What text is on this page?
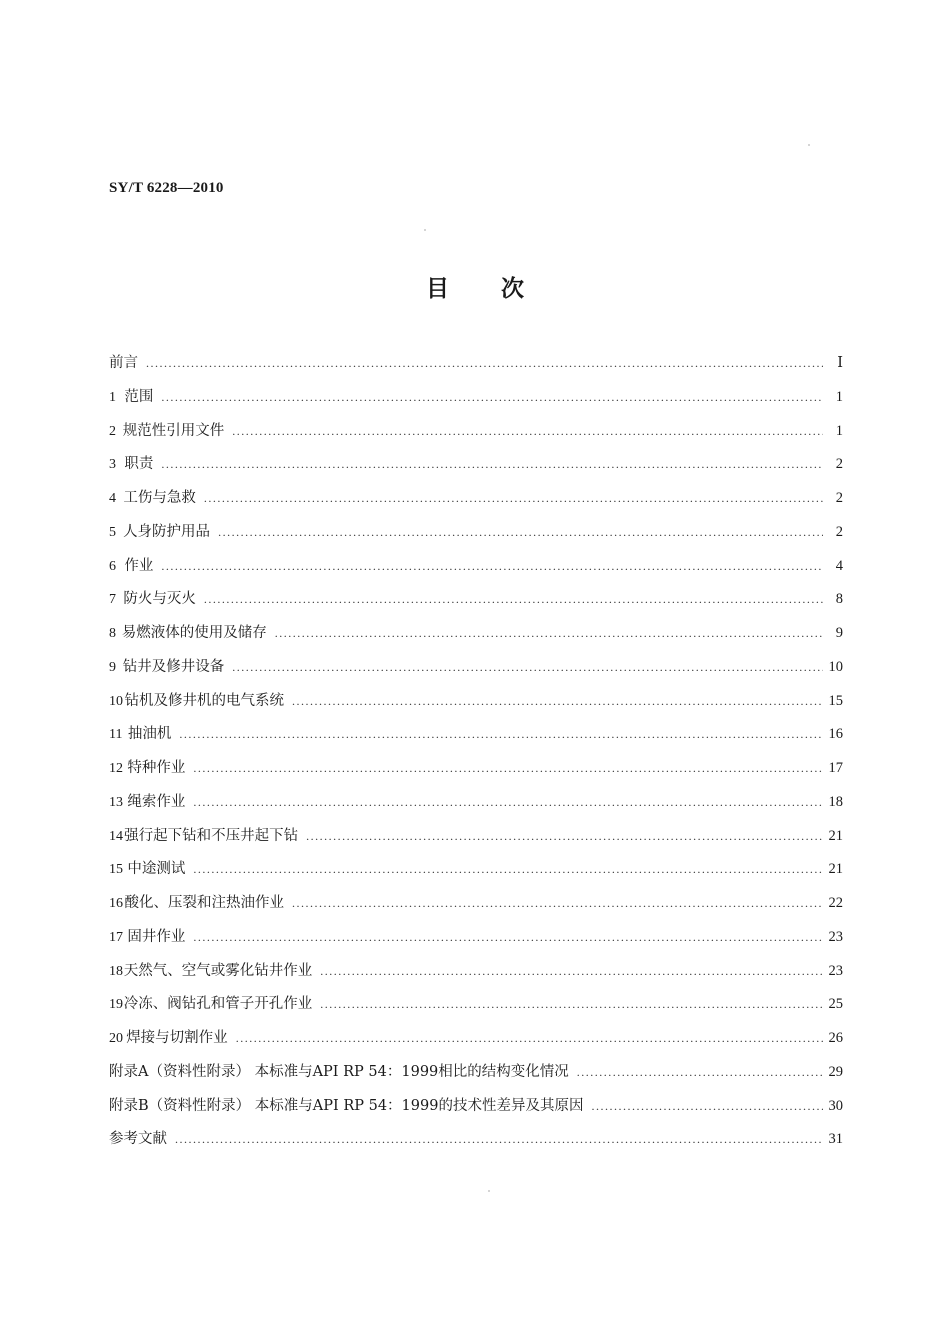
SY/T 6228—2010
目次
前言 .....	Ⅰ
1 范围 .....	1
2 规范性引用文件 .....	1
3 职责 .....	2
4 工伤与急救 .....	2
5 人身防护用品 .....	2
6 作业 .....	4
7 防火与灭火 .....	8
8 易燃液体的使用及储存 .....	9
9 钻井及修井设备 .....	10
10 钻机及修井机的电气系统 .....	15
11 抽油机 .....	16
12 特种作业 .....	17
13 绳索作业 .....	18
14 强行起下钻和不压井起下钻 .....	21
15 中途测试 .....	21
16 酸化、压裂和注热油作业 .....	22
17 固井作业 .....	23
18 天然气、空气或雾化钻井作业 .....	23
19 冷冻、阀钻孔和管子开孔作业 .....	25
20 焊接与切割作业 .....	26
附录A（资料性附录） 本标准与API RP 54：1999相比的结构变化情况 .....	29
附录B（资料性附录） 本标准与API RP 54：1999的技术性差异及其原因 .....	30
参考文献 .....	31
